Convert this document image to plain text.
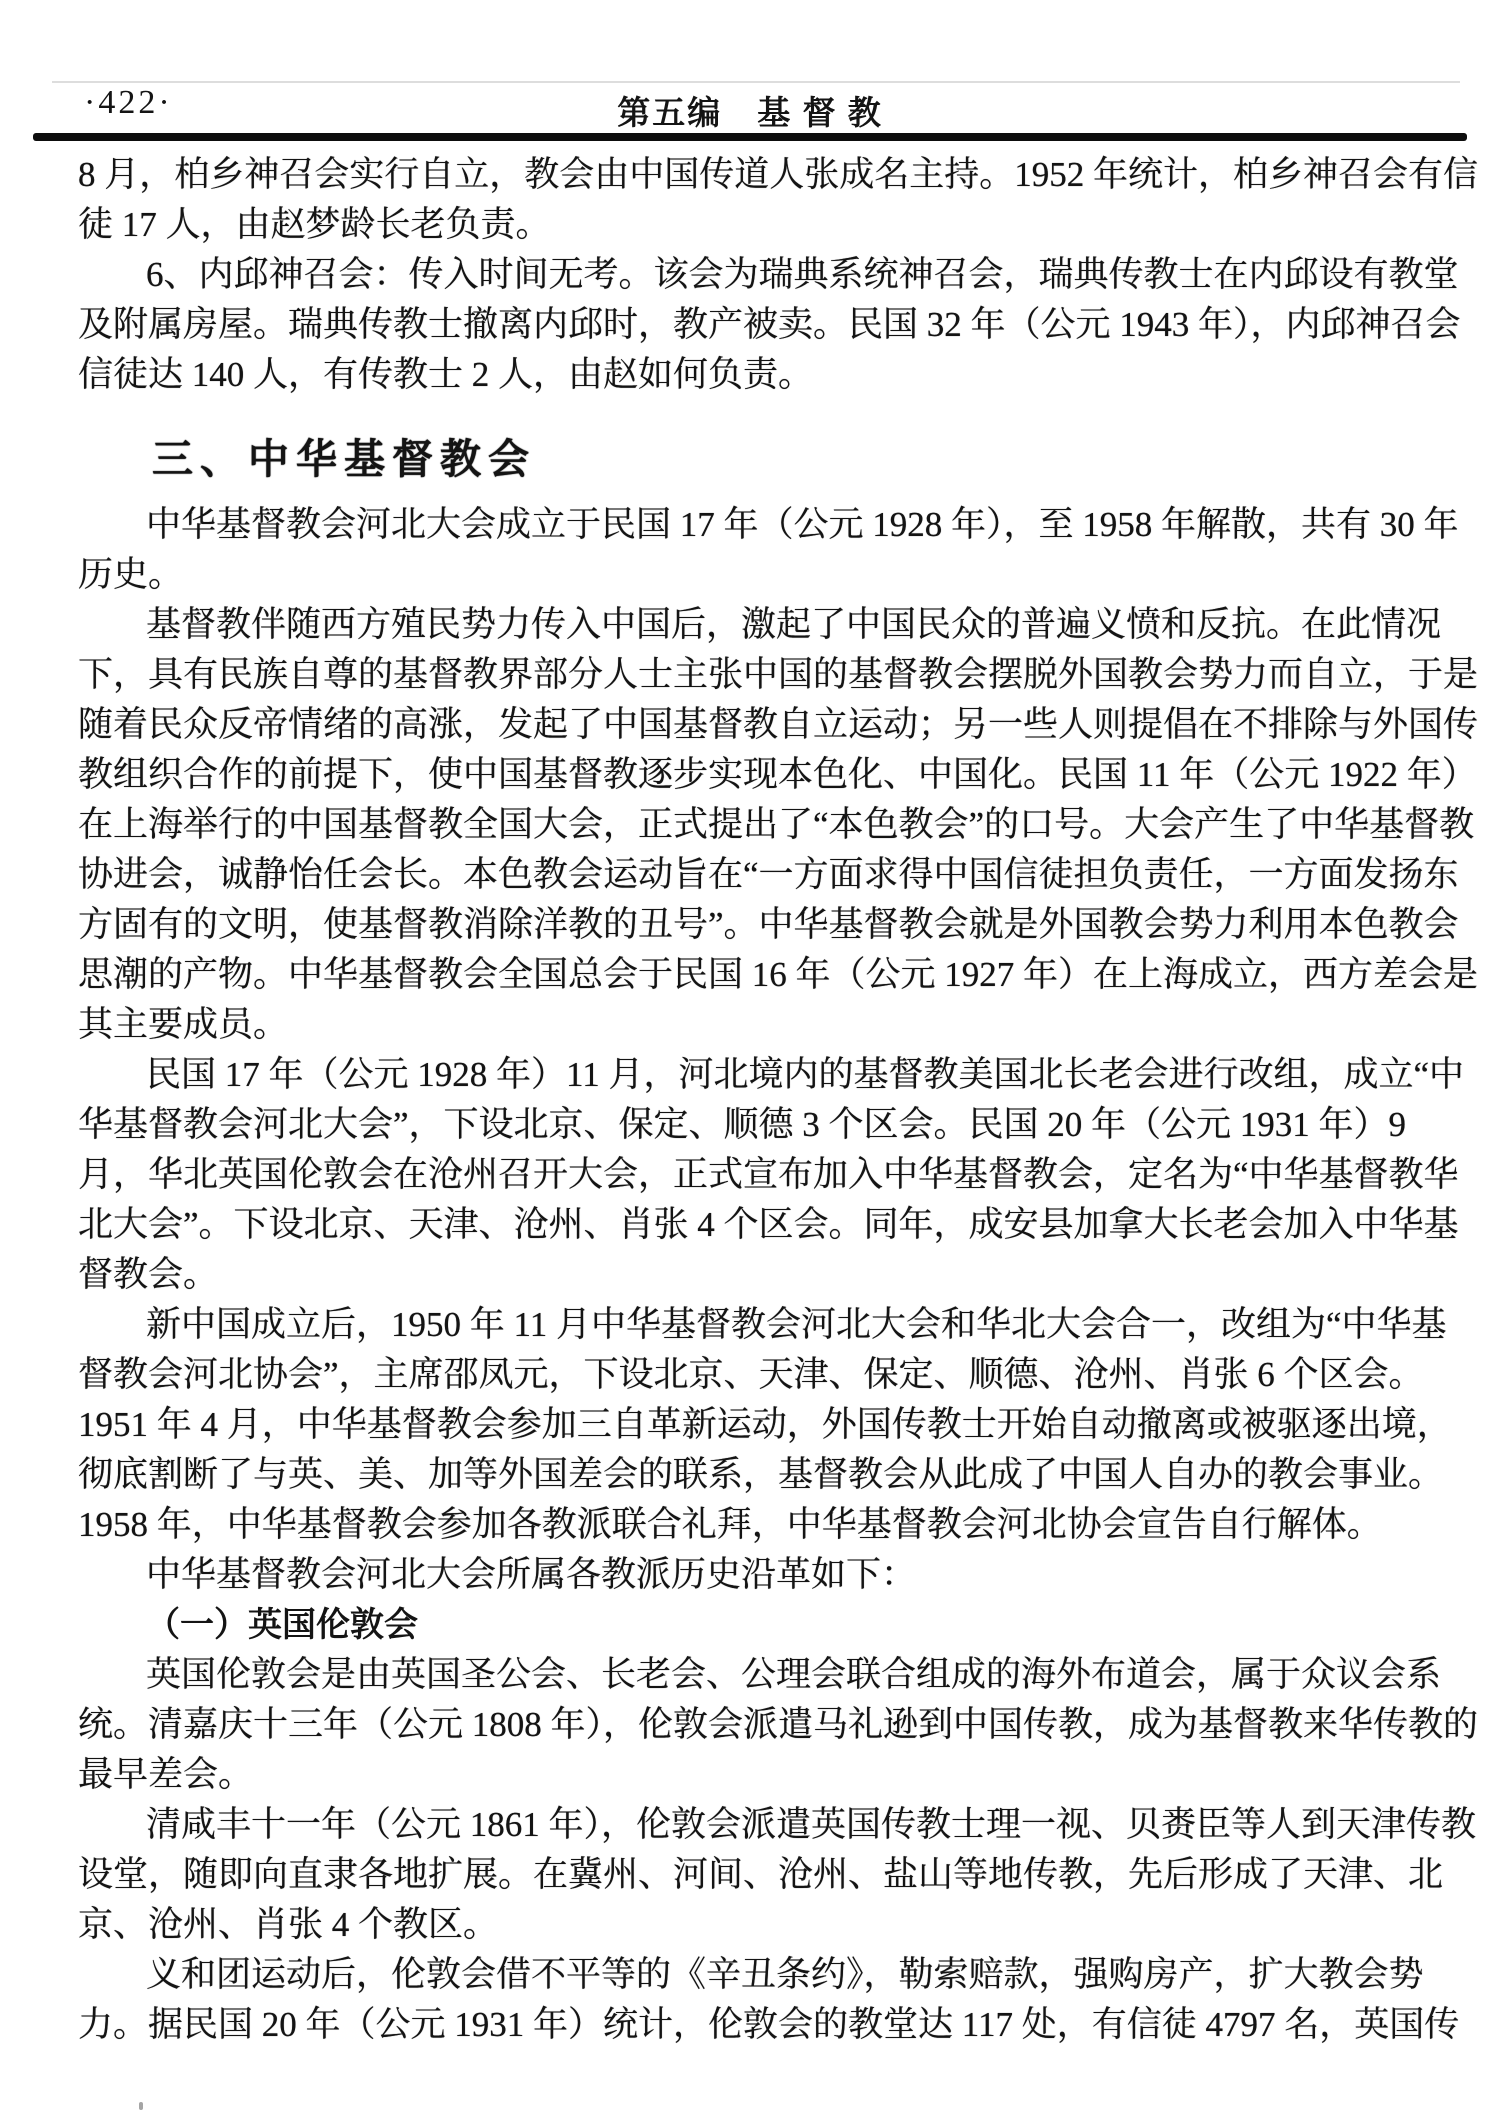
·422·	第五编　基 督 教
8 月，柏乡神召会实行自立，教会由中国传道人张成名主持。1952 年统计，柏乡神召会有信
徒 17 人，由赵梦龄长老负责。
6、内邱神召会：传入时间无考。该会为瑞典系统神召会，瑞典传教士在内邱设有教堂
及附属房屋。瑞典传教士撤离内邱时，教产被卖。民国 32 年（公元 1943 年），内邱神召会
信徒达 140 人，有传教士 2 人，由赵如何负责。
三、中华基督教会
中华基督教会河北大会成立于民国 17 年（公元 1928 年），至 1958 年解散，共有 30 年
历史。
基督教伴随西方殖民势力传入中国后，激起了中国民众的普遍义愤和反抗。在此情况
下，具有民族自尊的基督教界部分人士主张中国的基督教会摆脱外国教会势力而自立，于是
随着民众反帝情绪的高涨，发起了中国基督教自立运动；另一些人则提倡在不排除与外国传
教组织合作的前提下，使中国基督教逐步实现本色化、中国化。民国 11 年（公元 1922 年）
在上海举行的中国基督教全国大会，正式提出了“本色教会”的口号。大会产生了中华基督教
协进会，诚静怡任会长。本色教会运动旨在“一方面求得中国信徒担负责任，一方面发扬东
方固有的文明，使基督教消除洋教的丑号”。中华基督教会就是外国教会势力利用本色教会
思潮的产物。中华基督教会全国总会于民国 16 年（公元 1927 年）在上海成立，西方差会是
其主要成员。
民国 17 年（公元 1928 年）11 月，河北境内的基督教美国北长老会进行改组，成立“中
华基督教会河北大会”，下设北京、保定、顺德 3 个区会。民国 20 年（公元 1931 年）9
月，华北英国伦敦会在沧州召开大会，正式宣布加入中华基督教会，定名为“中华基督教华
北大会”。下设北京、天津、沧州、肖张 4 个区会。同年，成安县加拿大长老会加入中华基
督教会。
新中国成立后，1950 年 11 月中华基督教会河北大会和华北大会合一，改组为“中华基
督教会河北协会”，主席邵凤元，下设北京、天津、保定、顺德、沧州、肖张 6 个区会。
1951 年 4 月，中华基督教会参加三自革新运动，外国传教士开始自动撤离或被驱逐出境，
彻底割断了与英、美、加等外国差会的联系，基督教会从此成了中国人自办的教会事业。
1958 年，中华基督教会参加各教派联合礼拜，中华基督教会河北协会宣告自行解体。
中华基督教会河北大会所属各教派历史沿革如下：
（一）英国伦敦会
英国伦敦会是由英国圣公会、长老会、公理会联合组成的海外布道会，属于众议会系
统。清嘉庆十三年（公元 1808 年），伦敦会派遣马礼逊到中国传教，成为基督教来华传教的
最早差会。
清咸丰十一年（公元 1861 年），伦敦会派遣英国传教士理一视、贝赉臣等人到天津传教
设堂，随即向直隶各地扩展。在冀州、河间、沧州、盐山等地传教，先后形成了天津、北
京、沧州、肖张 4 个教区。
义和团运动后，伦敦会借不平等的《辛丑条约》，勒索赔款，强购房产，扩大教会势
力。据民国 20 年（公元 1931 年）统计，伦敦会的教堂达 117 处，有信徒 4797 名，英国传
